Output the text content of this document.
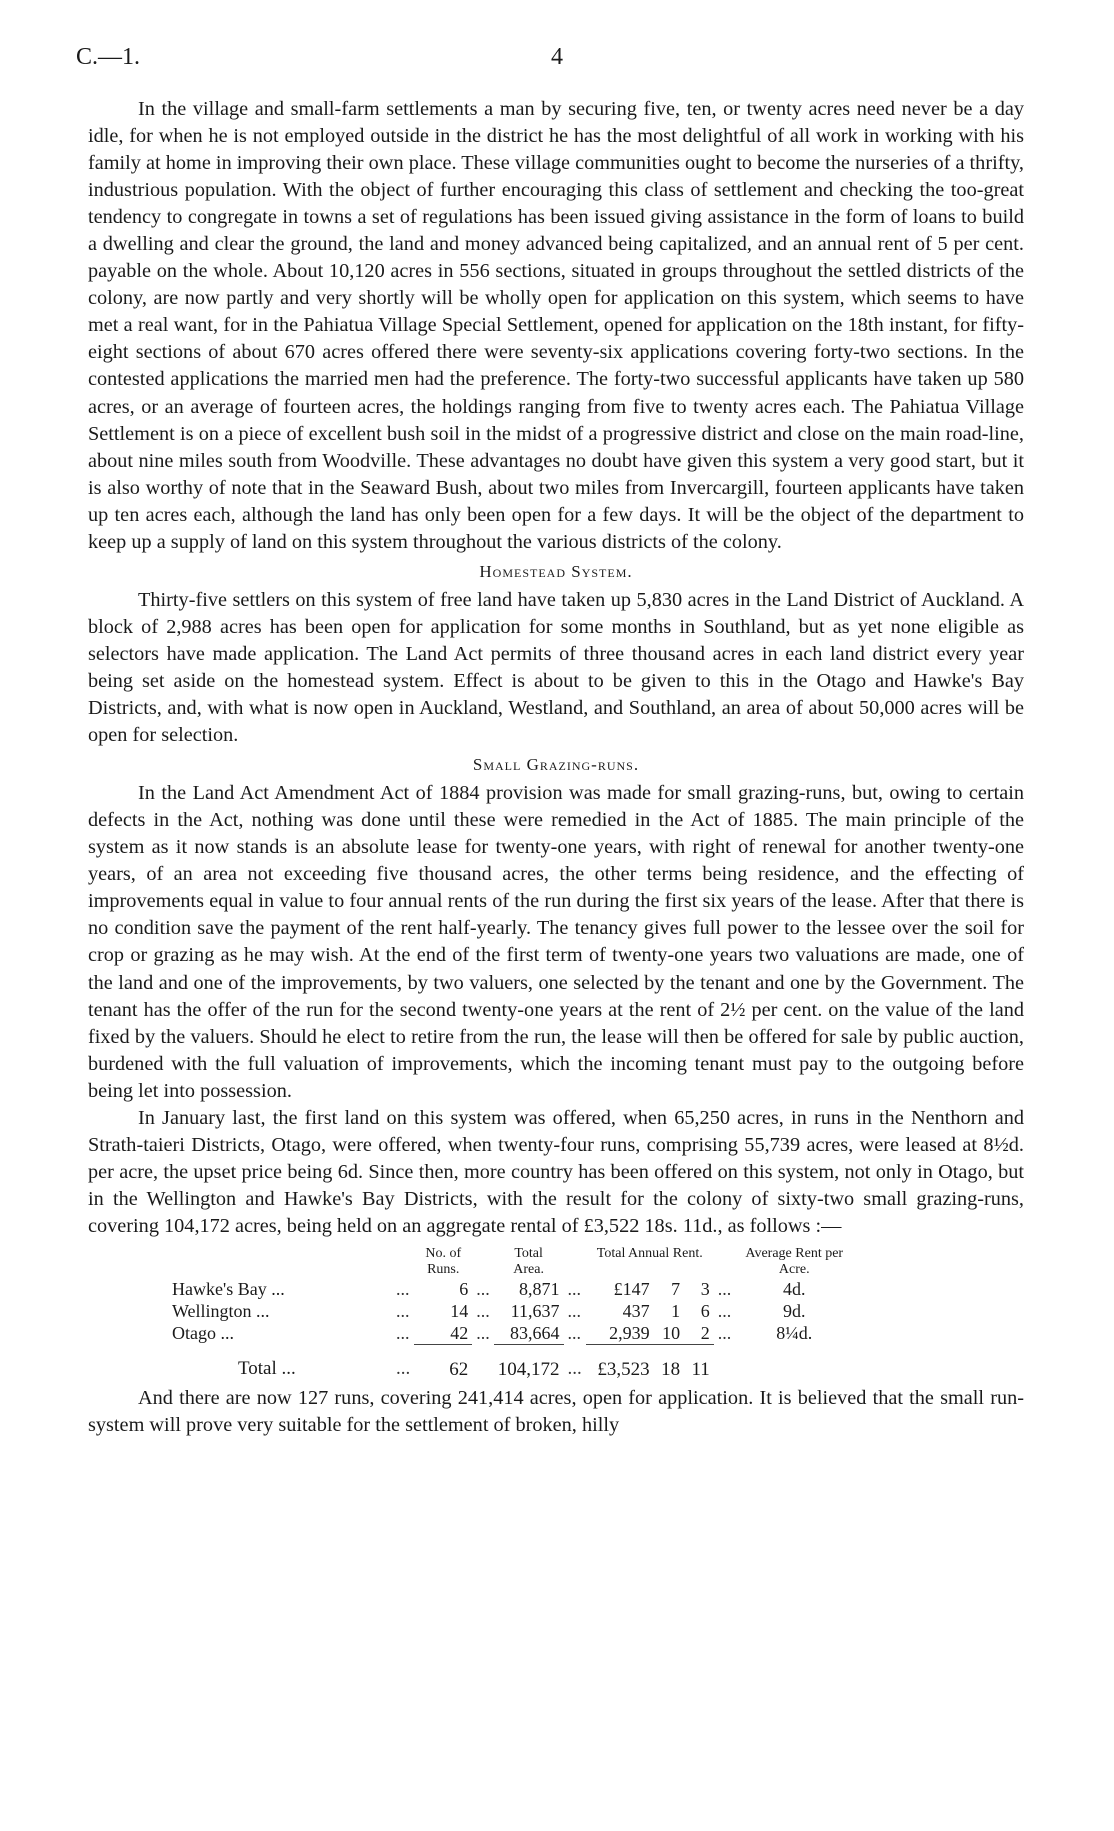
C.—1.	4

In the village and small-farm settlements a man by securing five, ten, or twenty acres need never be a day idle, for when he is not employed outside in the district he has the most delightful of all work in working with his family at home in improving their own place. These village communities ought to become the nurseries of a thrifty, industrious population. With the object of further encouraging this class of settlement and checking the too-great tendency to congregate in towns a set of regulations has been issued giving assistance in the form of loans to build a dwelling and clear the ground, the land and money advanced being capitalized, and an annual rent of 5 per cent. payable on the whole. About 10,120 acres in 556 sections, situated in groups throughout the settled districts of the colony, are now partly and very shortly will be wholly open for application on this system, which seems to have met a real want, for in the Pahiatua Village Special Settlement, opened for application on the 18th instant, for fifty-eight sections of about 670 acres offered there were seventy-six applications covering forty-two sections. In the contested applications the married men had the preference. The forty-two successful applicants have taken up 580 acres, or an average of fourteen acres, the holdings ranging from five to twenty acres each. The Pahiatua Village Settlement is on a piece of excellent bush soil in the midst of a progressive district and close on the main road-line, about nine miles south from Woodville. These advantages no doubt have given this system a very good start, but it is also worthy of note that in the Seaward Bush, about two miles from Invercargill, fourteen applicants have taken up ten acres each, although the land has only been open for a few days. It will be the object of the department to keep up a supply of land on this system throughout the various districts of the colony.

Homestead System.

Thirty-five settlers on this system of free land have taken up 5,830 acres in the Land District of Auckland. A block of 2,988 acres has been open for application for some months in Southland, but as yet none eligible as selectors have made application. The Land Act permits of three thousand acres in each land district every year being set aside on the homestead system. Effect is about to be given to this in the Otago and Hawke's Bay Districts, and, with what is now open in Auckland, Westland, and Southland, an area of about 50,000 acres will be open for selection.

Small Grazing-runs.

In the Land Act Amendment Act of 1884 provision was made for small grazing-runs, but, owing to certain defects in the Act, nothing was done until these were remedied in the Act of 1885. The main principle of the system as it now stands is an absolute lease for twenty-one years, with right of renewal for another twenty-one years, of an area not exceeding five thousand acres, the other terms being residence, and the effecting of improvements equal in value to four annual rents of the run during the first six years of the lease. After that there is no condition save the payment of the rent half-yearly. The tenancy gives full power to the lessee over the soil for crop or grazing as he may wish. At the end of the first term of twenty-one years two valuations are made, one of the land and one of the improvements, by two valuers, one selected by the tenant and one by the Government. The tenant has the offer of the run for the second twenty-one years at the rent of 2½ per cent. on the value of the land fixed by the valuers. Should he elect to retire from the run, the lease will then be offered for sale by public auction, burdened with the full valuation of improvements, which the incoming tenant must pay to the outgoing before being let into possession.

In January last, the first land on this system was offered, when 65,250 acres, in runs in the Nenthorn and Strath-taieri Districts, Otago, were offered, when twenty-four runs, comprising 55,739 acres, were leased at 8½d. per acre, the upset price being 6d. Since then, more country has been offered on this system, not only in Otago, but in the Wellington and Hawke's Bay Districts, with the result for the colony of sixty-two small grazing-runs, covering 104,172 acres, being held on an aggregate rental of £3,522 18s. 11d., as follows :—

		No. of Runs.		Total Area.		Total Annual Rent.				Average Rent per Acre.
Hawke's Bay ...	...	6	...	8,871	...	£147	7	3	...	4d.
Wellington ...	...	14	...	11,637	...	437	1	6	...	9d.
Otago ...	...	42	...	83,664	...	2,939	10	2	...	8¼d.
Total ...	...	62		104,172	...	£3,523	18	11		

And there are now 127 runs, covering 241,414 acres, open for application. It is believed that the small run-system will prove very suitable for the settlement of broken, hilly
